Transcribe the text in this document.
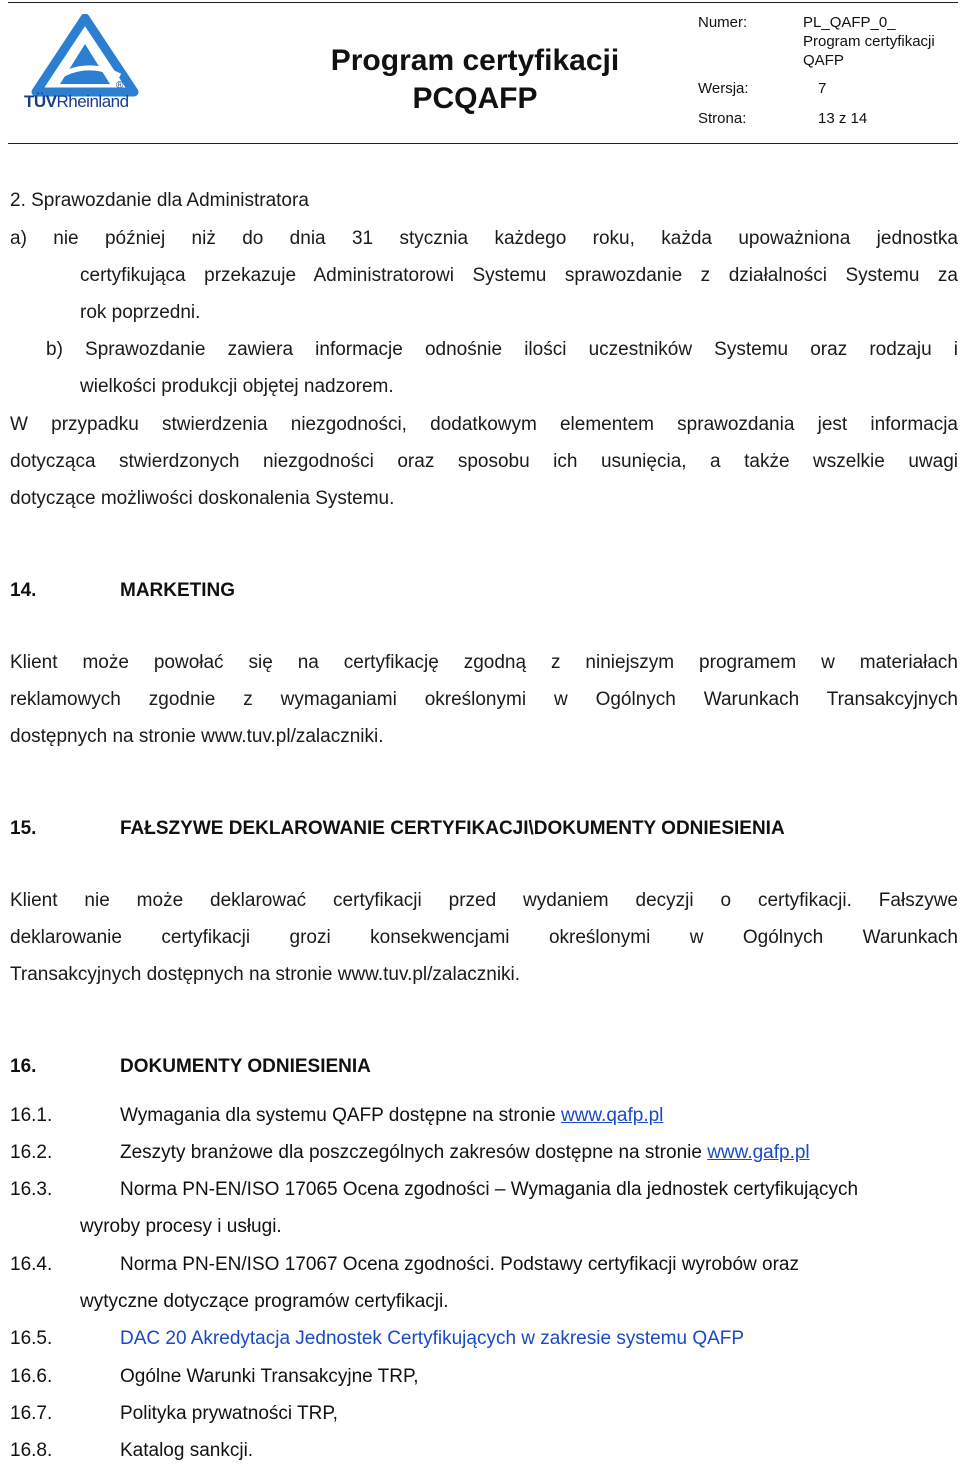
®
TÜVRheinland
Program certyfikacji
PCQAFP
Numer:	PL_QAFP_0_
Program certyfikacji
QAFP
Wersja:	7
Strona:	13 z 14
2. Sprawozdanie dla Administratora
a) nie później niż do dnia 31 stycznia każdego roku, każda upoważniona jednostka
certyfikująca przekazuje Administratorowi Systemu sprawozdanie z działalności Systemu za
rok poprzedni.
b) Sprawozdanie zawiera informacje odnośnie ilości uczestników Systemu oraz rodzaju i
wielkości produkcji objętej nadzorem.
W przypadku stwierdzenia niezgodności, dodatkowym elementem sprawozdania jest informacja
dotycząca stwierdzonych niezgodności oraz sposobu ich usunięcia, a także wszelkie uwagi
dotyczące możliwości doskonalenia Systemu.
14.	MARKETING
Klient może powołać się na certyfikację zgodną z niniejszym programem w materiałach
reklamowych zgodnie z wymaganiami określonymi w Ogólnych Warunkach Transakcyjnych
dostępnych na stronie www.tuv.pl/zalaczniki.
15.	FAŁSZYWE DEKLAROWANIE CERTYFIKACJI\DOKUMENTY ODNIESIENIA
Klient nie może deklarować certyfikacji przed wydaniem decyzji o certyfikacji. Fałszywe
deklarowanie certyfikacji grozi konsekwencjami określonymi w Ogólnych Warunkach
Transakcyjnych dostępnych na stronie www.tuv.pl/zalaczniki.
16.	DOKUMENTY ODNIESIENIA
16.1.	Wymagania dla systemu QAFP dostępne na stronie www.qafp.pl
16.2.	Zeszyty branżowe dla poszczególnych zakresów dostępne na stronie www.gafp.pl
16.3.	Norma PN-EN/ISO 17065 Ocena zgodności – Wymagania dla jednostek certyfikujących
wyroby procesy i usługi.
16.4.	Norma PN-EN/ISO 17067 Ocena zgodności. Podstawy certyfikacji wyrobów oraz
wytyczne dotyczące programów certyfikacji.
16.5.	DAC 20 Akredytacja Jednostek Certyfikujących w zakresie systemu QAFP
16.6.	Ogólne Warunki Transakcyjne TRP,
16.7.	Polityka prywatności TRP,
16.8.	Katalog sankcji.
